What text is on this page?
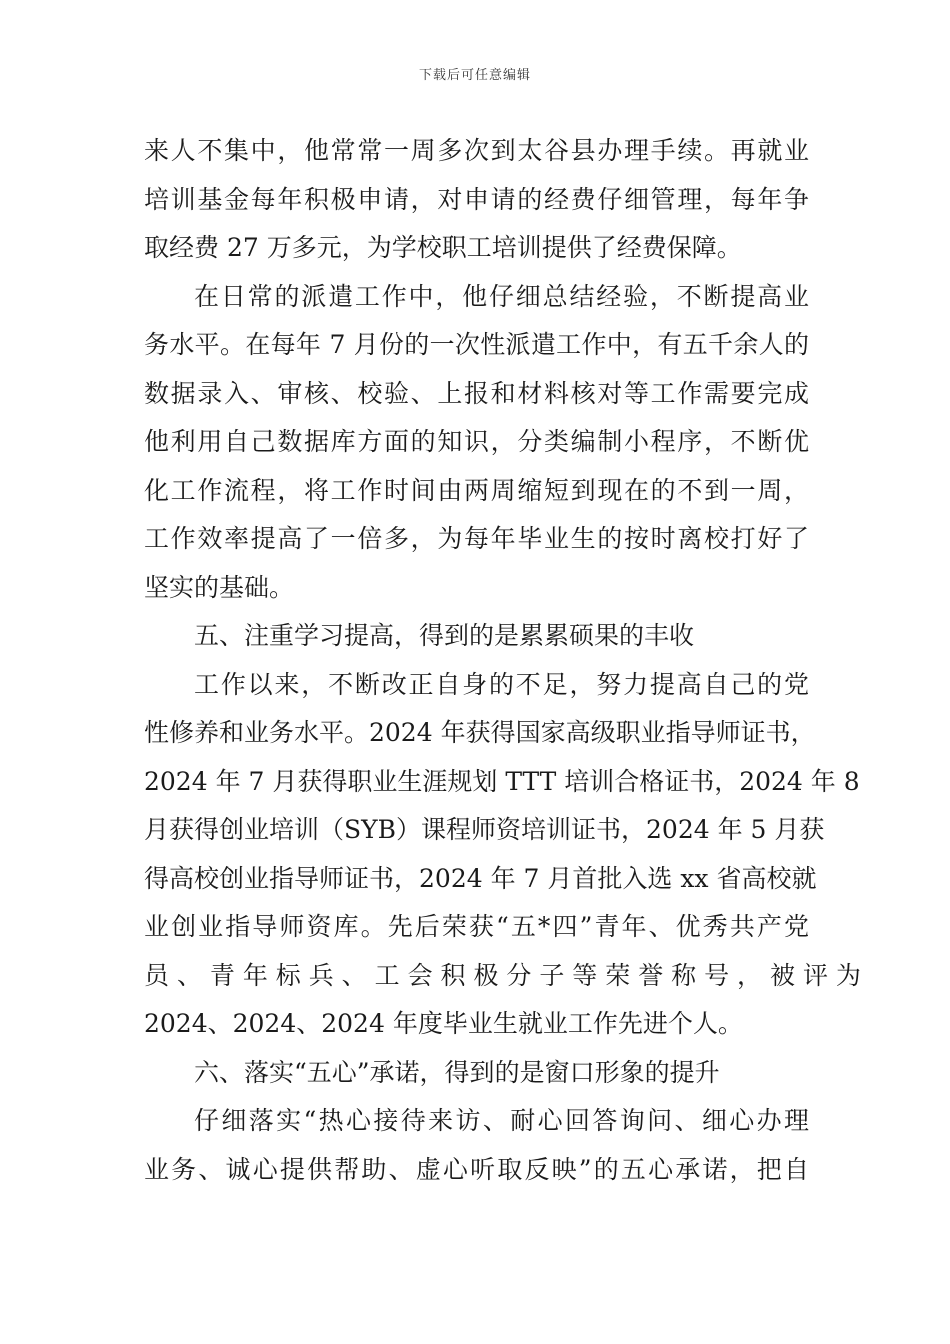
下载后可任意编辑
来人不集中，他常常一周多次到太谷县办理手续。再就业
培训基金每年积极申请，对申请的经费仔细管理，每年争
取经费 27 万多元，为学校职工培训提供了经费保障。
在日常的派遣工作中，他仔细总结经验，不断提高业
务水平。在每年 7 月份的一次性派遣工作中，有五千余人的
数据录入、审核、校验、上报和材料核对等工作需要完成
他利用自己数据库方面的知识，分类编制小程序，不断优
化工作流程，将工作时间由两周缩短到现在的不到一周，
工作效率提高了一倍多，为每年毕业生的按时离校打好了
坚实的基础。
五、注重学习提高，得到的是累累硕果的丰收
工作以来，不断改正自身的不足，努力提高自己的党
性修养和业务水平。2024 年获得国家高级职业指导师证书，
2024 年 7 月获得职业生涯规划 TTT 培训合格证书，2024 年 8
月获得创业培训（SYB）课程师资培训证书，2024 年 5 月获
得高校创业指导师证书，2024 年 7 月首批入选 xx 省高校就
业创业指导师资库。先后荣获“五*四”青年、优秀共产党
员 、 青 年 标 兵 、 工 会 积 极 分 子 等 荣 誉 称 号 ， 被 评 为
2024、2024、2024 年度毕业生就业工作先进个人。
六、落实“五心”承诺，得到的是窗口形象的提升
仔细落实“热心接待来访、耐心回答询问、细心办理
业务、诚心提供帮助、虚心听取反映”的五心承诺，把自
